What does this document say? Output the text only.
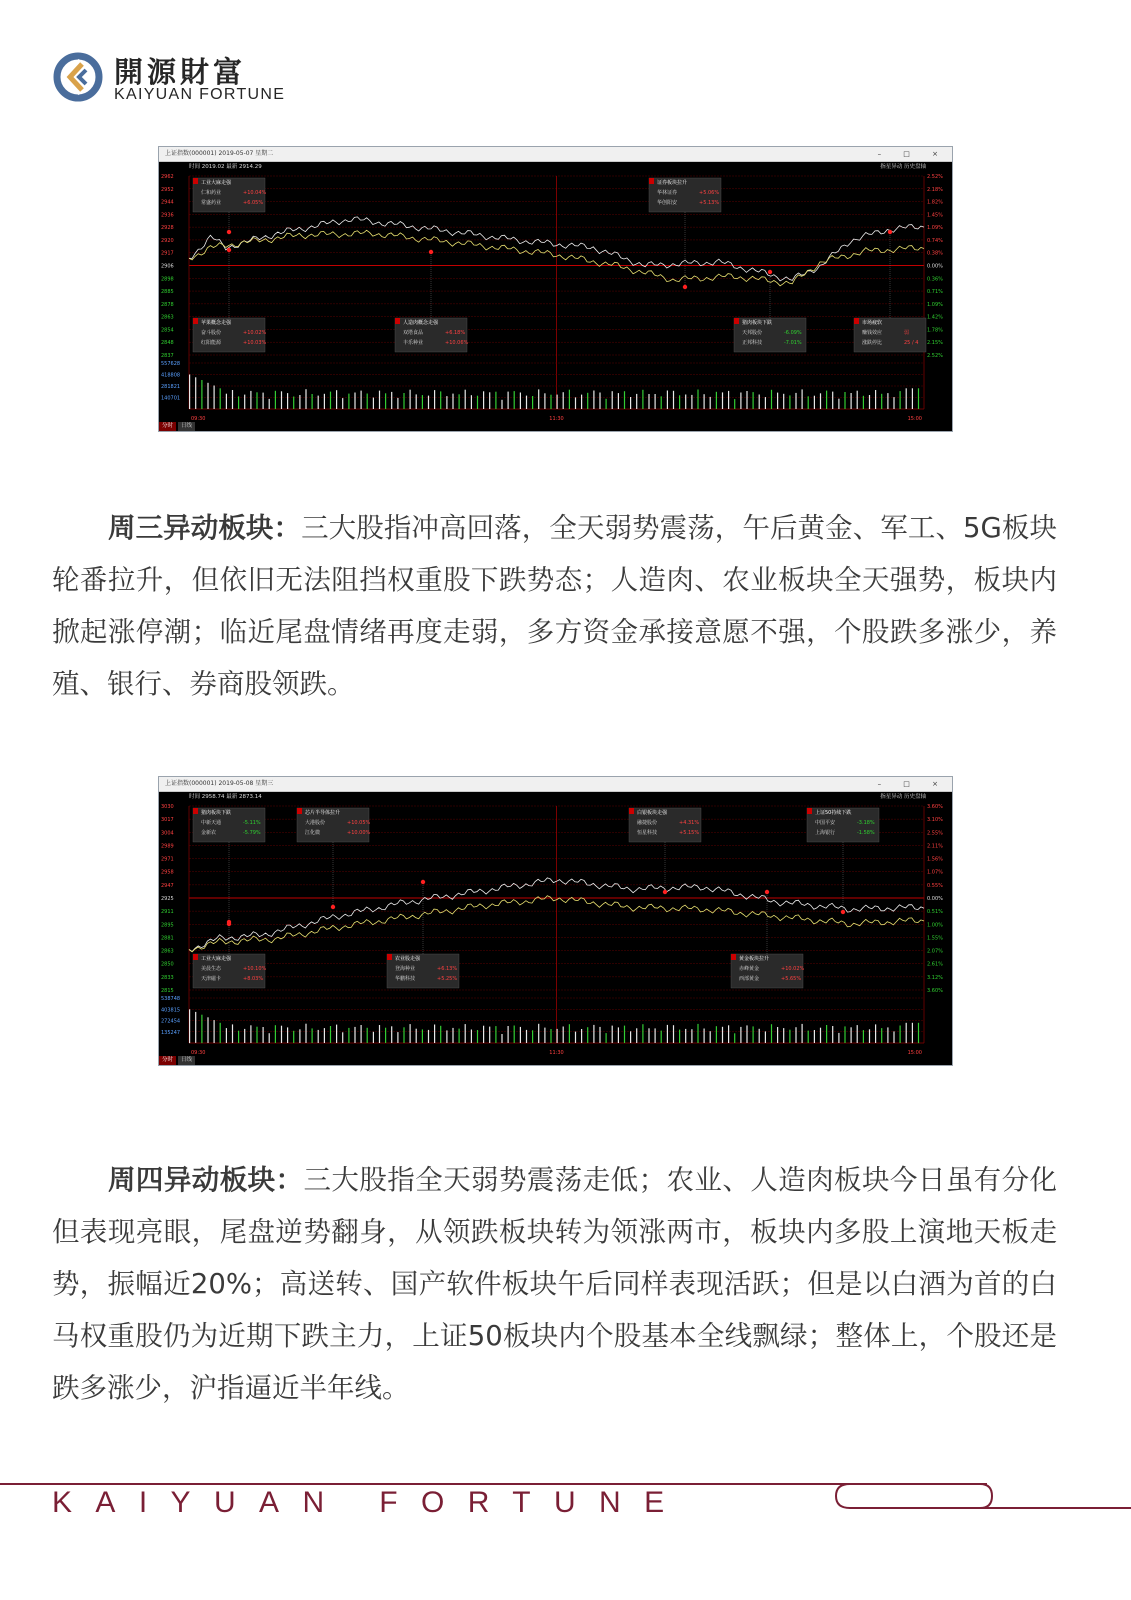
開源財富
KAIYUAN FORTUNE
上证指数(000001) 2019-05-07 星期二	– □ ×
时间 2019.02 最新 2914.29	指星异动 历史盘轴
2962	2.52%
2952	2.18%
2944	1.82%
2936	1.45%
2928	1.09%
2920	0.74%
2917	0.38%
2906	0.00%
2898	0.36%
2885	0.71%
2878	1.09%
2863	1.42%
2854	1.78%
2848	2.15%
2837	2.52%
557628
418808
281821
140701
09:30	11:30	15:00
工业大麻走强
仁和药业	+10.04%
常盛药业	+6.05%
证券板块拉升
华林证券	+5.06%
华创阳安	+5.13%
苹果概念走强
奋斗股份	+10.02%
红阳能源	+10.03%
人造肉概念走强
双塔食品	+6.18%
丰乐种业	+10.06%
猪肉板块下跌
天邦股份	-6.09%
正邦科技	-7.01%
市场疲软
赚钱效应	弱
涨跌停比	25 / 4
分时	日线

周三异动板块：三大股指冲高回落，全天弱势震荡，午后黄金、军工、5G板块轮番拉升，但依旧无法阻挡权重股下跌势态；人造肉、农业板块全天强势，板块内掀起涨停潮；临近尾盘情绪再度走弱，多方资金承接意愿不强，个股跌多涨少，养殖、银行、券商股领跌。

上证指数(000001) 2019-05-08 星期三	– □ ×
时间 2958.74 最新 2873.14	指星异动 历史盘轴
3030	3.60%
3017	3.10%
3004	2.55%
2989	2.11%
2971	1.56%
2958	1.07%
2947	0.55%
2925	0.00%
2911	0.51%
2895	1.00%
2881	1.55%
2863	2.07%
2850	2.61%
2833	3.12%
2815	3.60%
538748
403815
272454
135247
09:30	11:30	15:00
猪肉板块下跌
中新天通	-5.11%
金新农	-5.79%
芯片半导体拉升
大港股份	+10.05%
江化微	+10.00%
白银板块走强
融捷股份	+4.31%
恒星科技	+5.15%
上证50持续下跌
中国平安	-3.18%
上海银行	-1.58%
工业大麻走强
美晨生态	+10.10%
天津磁卡	+8.03%
农业股走强
登海种业	+6.13%
华鹏科技	+5.25%
黄金板块拉升
赤峰黄金	+10.02%
西部黄金	+5.65%
分时	日线

周四异动板块：三大股指全天弱势震荡走低；农业、人造肉板块今日虽有分化但表现亮眼，尾盘逆势翻身，从领跌板块转为领涨两市，板块内多股上演地天板走势，振幅近20%；高送转、国产软件板块午后同样表现活跃；但是以白酒为首的白马权重股仍为近期下跌主力，上证50板块内个股基本全线飘绿；整体上，个股还是跌多涨少，沪指逼近半年线。

KAIYUAN FORTUNE
